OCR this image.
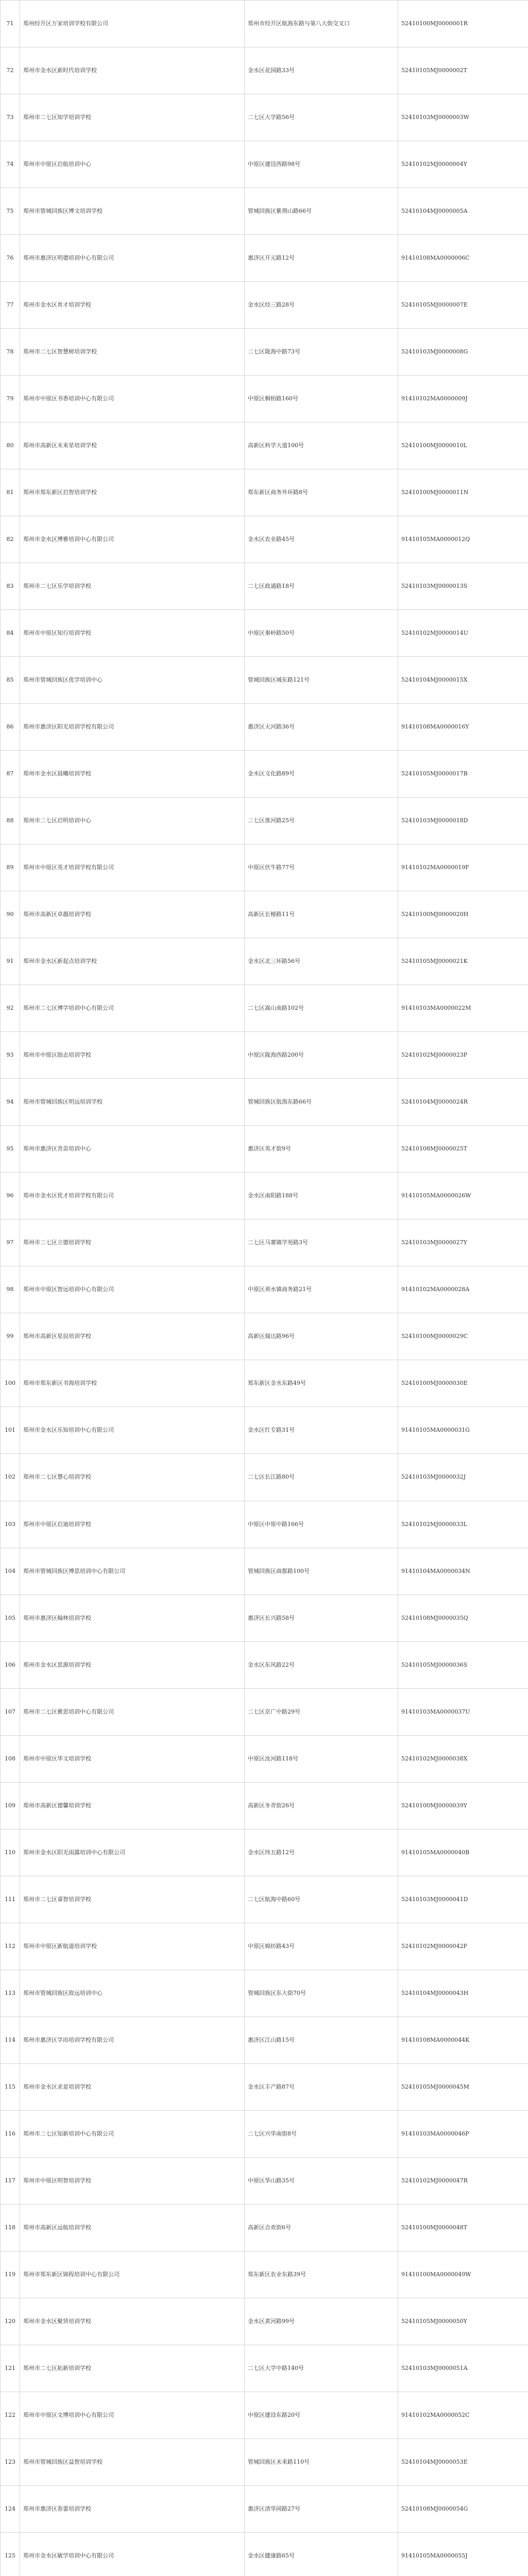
71	郑州经开区万家培训学校有限公司	郑州市经开区航海东路与第八大街交叉口	52410100MJ0000001R
72	郑州市金水区新时代培训学校	金水区花园路33号	52410105MJ0000002T
73	郑州市二七区知学培训学校	二七区大学路56号	52410103MJ0000003W
74	郑州市中原区启航培训中心	中原区建设西路98号	52410102MJ0000004Y
75	郑州市管城回族区博文培训学校	管城回族区紫荆山路66号	52410104MJ0000005A
76	郑州市惠济区明德培训中心有限公司	惠济区开元路12号	91410108MA0000006C
77	郑州市金水区育才培训学校	金水区经三路28号	52410105MJ0000007E
78	郑州市二七区智慧树培训学校	二七区陇海中路73号	52410103MJ0000008G
79	郑州市中原区书香培训中心有限公司	中原区桐柏路160号	91410102MA0000009J
80	郑州市高新区未来星培训学校	高新区科学大道100号	52410100MJ0000010L
81	郑州市郑东新区启智培训学校	郑东新区商务外环路8号	52410100MJ0000011N
82	郑州市金水区博雅培训中心有限公司	金水区农业路45号	91410105MA0000012Q
83	郑州市二七区乐学培训学校	二七区政通路18号	52410103MJ0000013S
84	郑州市中原区知行培训学校	中原区秦岭路50号	52410102MJ0000014U
85	郑州市管城回族区优学培训中心	管城回族区城东路121号	52410104MJ0000015X
86	郑州市惠济区阳光培训学校有限公司	惠济区天河路36号	91410108MA0000016Y
87	郑州市金水区晨曦培训学校	金水区文化路89号	52410105MJ0000017B
88	郑州市二七区启明培训中心	二七区淮河路25号	52410103MJ0000018D
89	郑州市中原区英才培训学校有限公司	中原区伏牛路77号	91410102MA0000019F
90	郑州市高新区卓越培训学校	高新区长椿路11号	52410100MJ0000020H
91	郑州市金水区新起点培训学校	金水区北三环路56号	52410105MJ0000021K
92	郑州市二七区博学培训中心有限公司	二七区嵩山南路102号	91410103MA0000022M
93	郑州市中原区励志培训学校	中原区陇海西路200号	52410102MJ0000023P
94	郑州市管城回族区明远培训学校	管城回族区航海东路66号	52410104MJ0000024R
95	郑州市惠济区青苗培训中心	惠济区英才街9号	52410108MJ0000025T
96	郑州市金水区优才培训学校有限公司	金水区南阳路188号	91410105MA0000026W
97	郑州市二七区立德培训学校	二七区马寨镇学苑路3号	52410103MJ0000027Y
98	郑州市中原区智远培训中心有限公司	中原区须水镇商务路21号	91410102MA0000028A
99	郑州市高新区星辰培训学校	高新区瑞达路96号	52410100MJ0000029C
100	郑州市郑东新区书海培训学校	郑东新区金水东路49号	52410100MJ0000030E
101	郑州市金水区乐知培训中心有限公司	金水区红专路31号	91410105MA0000031G
102	郑州市二七区慧心培训学校	二七区长江路80号	52410103MJ0000032J
103	郑州市中原区启迪培训学校	中原区中原中路166号	52410102MJ0000033L
104	郑州市管城回族区博思培训中心有限公司	管城回族区商都路100号	91410104MA0000034N
105	郑州市惠济区翰林培训学校	惠济区长兴路58号	52410108MJ0000035Q
106	郑州市金水区思源培训学校	金水区东风路22号	52410105MJ0000036S
107	郑州市二七区雅思培训中心有限公司	二七区京广中路29号	91410103MA0000037U
108	郑州市中原区华文培训学校	中原区汝河路118号	52410102MJ0000038X
109	郑州市高新区德馨培训学校	高新区冬青街26号	52410100MJ0000039Y
110	郑州市金水区阳光雨露培训中心有限公司	金水区纬五路12号	91410105MA0000040B
111	郑州市二七区睿智培训学校	二七区航海中路60号	52410103MJ0000041D
112	郑州市中原区新航道培训学校	中原区棉纺路43号	52410102MJ0000042F
113	郑州市管城回族区致远培训中心	管城回族区东大街70号	52410104MJ0000043H
114	郑州市惠济区学而培训学校有限公司	惠济区江山路15号	91410108MA0000044K
115	郑州市金水区求是培训学校	金水区丰产路87号	52410105MJ0000045M
116	郑州市二七区知新培训中心有限公司	二七区兴华南街8号	91410103MA0000046P
117	郑州市中原区明智培训学校	中原区华山路35号	52410102MJ0000047R
118	郑州市高新区远航培训学校	高新区合欢街6号	52410100MJ0000048T
119	郑州市郑东新区锦程培训中心有限公司	郑东新区农业东路39号	91410100MA0000049W
120	郑州市金水区聚贤培训学校	金水区黄河路99号	52410105MJ0000050Y
121	郑州市二七区拓新培训学校	二七区大学中路140号	52410103MJ0000051A
122	郑州市中原区文博培训中心有限公司	中原区建设东路20号	91410102MA0000052C
123	郑州市管城回族区益智培训学校	管城回族区未来路110号	52410104MJ0000053E
124	郑州市惠济区春蕾培训学校	惠济区清华园路27号	52410108MJ0000054G
125	郑州市金水区敏学培训中心有限公司	金水区健康路65号	91410105MA0000055J
